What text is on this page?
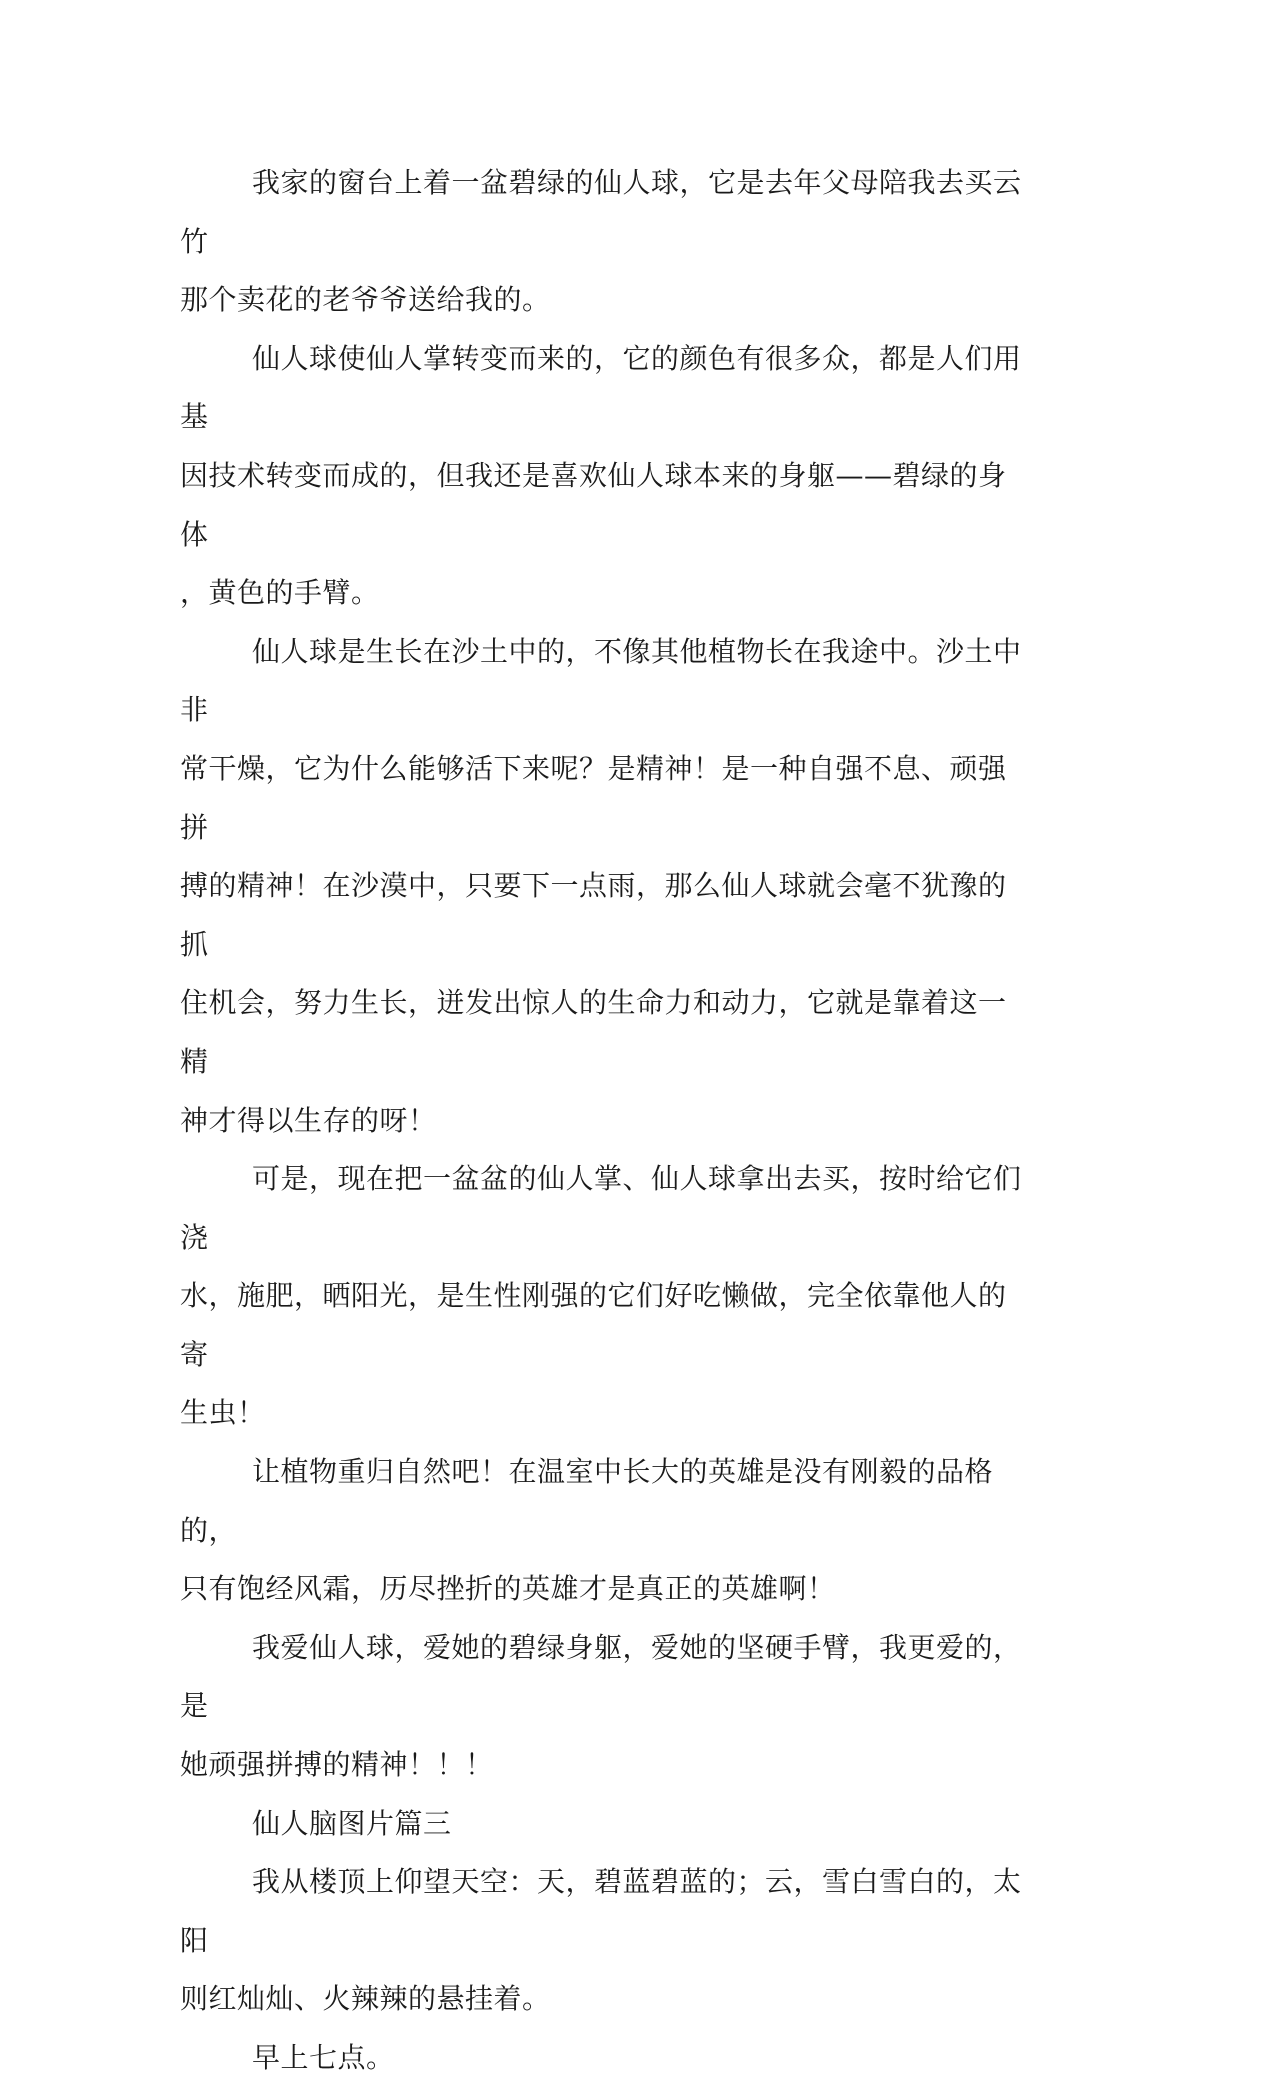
我家的窗台上着一盆碧绿的仙人球，它是去年父母陪我去买云竹
那个卖花的老爷爷送给我的。

仙人球使仙人掌转变而来的，它的颜色有很多众，都是人们用基
因技术转变而成的，但我还是喜欢仙人球本来的身躯——碧绿的身体
，黄色的手臂。

仙人球是生长在沙土中的，不像其他植物长在我途中。沙土中非
常干燥，它为什么能够活下来呢？是精神！是一种自强不息、顽强拼
搏的精神！在沙漠中，只要下一点雨，那么仙人球就会毫不犹豫的抓
住机会，努力生长，迸发出惊人的生命力和动力，它就是靠着这一精
神才得以生存的呀！

可是，现在把一盆盆的仙人掌、仙人球拿出去买，按时给它们浇
水，施肥，晒阳光，是生性刚强的它们好吃懒做，完全依靠他人的寄
生虫！

让植物重归自然吧！在温室中长大的英雄是没有刚毅的品格的，
只有饱经风霜，历尽挫折的英雄才是真正的英雄啊！

我爱仙人球，爱她的碧绿身躯，爱她的坚硬手臂，我更爱的，是
她顽强拼搏的精神！！！

仙人脑图片篇三

我从楼顶上仰望天空：天，碧蓝碧蓝的；云，雪白雪白的，太阳
则红灿灿、火辣辣的悬挂着。

早上七点。
